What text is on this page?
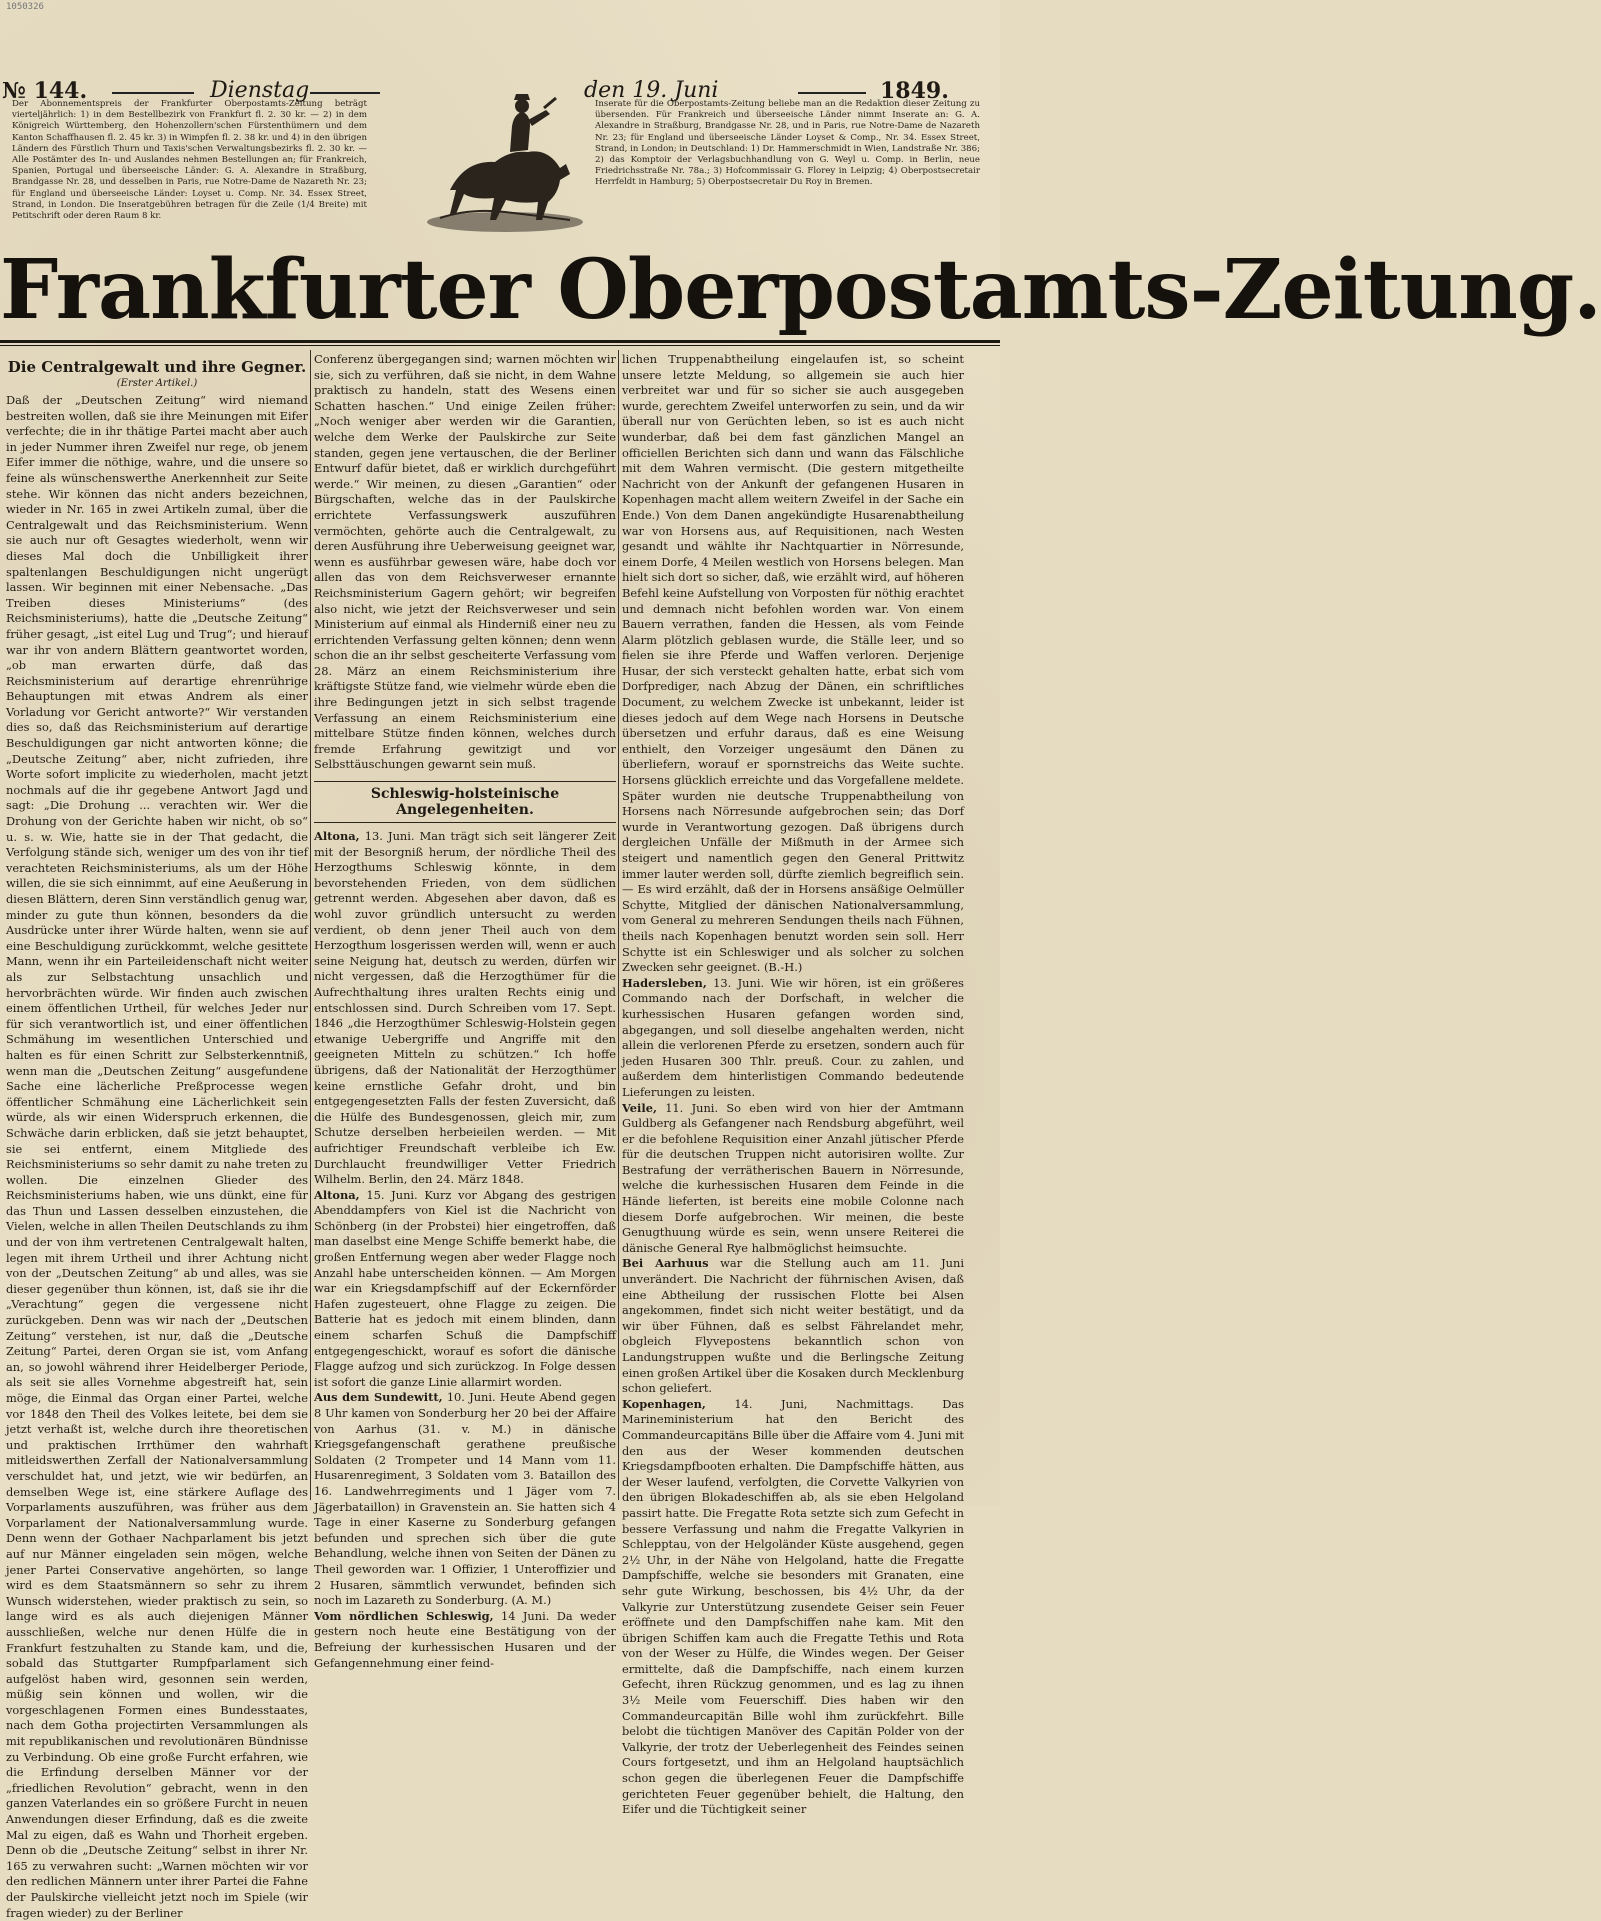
1050326
№ 144.	Dienstag	den 19. Juni	1849.
Der Abonnementspreis der Frankfurter Oberpostamts-Zeitung beträgt vierteljährlich: 1) in dem Bestellbezirk von Frankfurt fl. 2. 30 kr. — 2) in dem Königreich Württemberg, den Hohenzollern'schen Fürstenthümern und dem Kanton Schaffhausen fl. 2. 45 kr. 3) in Wimpfen fl. 2. 38 kr. und 4) in den übrigen Ländern des Fürstlich Thurn und Taxis'schen Verwaltungsbezirks fl. 2. 30 kr. — Alle Postämter des In- und Auslandes nehmen Bestellungen an; für Frankreich, Spanien, Portugal und überseeische Länder: G. A. Alexandre in Straßburg, Brandgasse Nr. 28, und desselben in Paris, rue Notre-Dame de Nazareth Nr. 23; für England und überseeische Länder: Loyset u. Comp. Nr. 34. Essex Street, Strand, in London. Die Inseratgebühren betragen für die Zeile (1/4 Breite) mit Petitschrift oder deren Raum 8 kr.
Inserate für die Oberpostamts-Zeitung beliebe man an die Redaktion dieser Zeitung zu übersenden. Für Frankreich und überseeische Länder nimmt Inserate an: G. A. Alexandre in Straßburg, Brandgasse Nr. 28, und in Paris, rue Notre-Dame de Nazareth Nr. 23; für England und überseeische Länder Loyset & Comp., Nr. 34. Essex Street, Strand, in London; in Deutschland: 1) Dr. Hammerschmidt in Wien, Landstraße Nr. 386; 2) das Komptoir der Verlagsbuchhandlung von G. Weyl u. Comp. in Berlin, neue Friedrichsstraße Nr. 78a.; 3) Hofcommissair G. Florey in Leipzig; 4) Oberpostsecretair Herrfeldt in Hamburg; 5) Oberpostsecretair Du Roy in Bremen.
Frankfurter Oberpostamts-Zeitung.
Die Centralgewalt und ihre Gegner.
(Erster Artikel.)

Daß der „Deutschen Zeitung“ wird niemand bestreiten wollen, daß sie ihre Meinungen mit Eifer verfechte; die in ihr thätige Partei macht aber auch in jeder Nummer ihren Zweifel nur rege, ob jenem Eifer immer die nöthige, wahre, und die unsere so feine als wünschenswerthe Anerkennheit zur Seite stehe. Wir können das nicht anders bezeichnen, wieder in Nr. 165 in zwei Artikeln zumal, über die Centralgewalt und das Reichsministerium. Wenn sie auch nur oft Gesagtes wiederholt, wenn wir dieses Mal doch die Unbilligkeit ihrer spaltenlangen Beschuldigungen nicht ungerügt lassen. Wir beginnen mit einer Nebensache. „Das Treiben dieses Ministeriums“ (des Reichsministeriums), hatte die „Deutsche Zeitung“ früher gesagt, „ist eitel Lug und Trug“; und hierauf war ihr von andern Blättern geantwortet worden, „ob man erwarten dürfe, daß das Reichsministerium auf derartige ehrenrührige Behauptungen mit etwas Andrem als einer Vorladung vor Gericht antworte?“ Wir verstanden dies so, daß das Reichsministerium auf derartige Beschuldigungen gar nicht antworten könne; die „Deutsche Zeitung“ aber, nicht zufrieden, ihre Worte sofort implicite zu wiederholen, macht jetzt nochmals auf die ihr gegebene Antwort Jagd und sagt: „Die Drohung ... verachten wir. Wer die Drohung von der Gerichte haben wir nicht, ob so“ u. s. w. Wie, hatte sie in der That gedacht, die Verfolgung stände sich, weniger um des von ihr tief verachteten Reichsministeriums, als um der Höhe willen, die sie sich einnimmt, auf eine Aeußerung in diesen Blättern, deren Sinn verständlich genug war, minder zu gute thun können, besonders da die Ausdrücke unter ihrer Würde halten, wenn sie auf eine Beschuldigung zurückkommt, welche gesittete Mann, wenn ihr ein Parteileidenschaft nicht weiter als zur Selbstachtung unsachlich und hervorbrächten würde. Wir finden auch zwischen einem öffentlichen Urtheil, für welches Jeder nur für sich verantwortlich ist, und einer öffentlichen Schmähung im wesentlichen Unterschied und halten es für einen Schritt zur Selbsterkenntniß, wenn man die „Deutschen Zeitung“ ausgefundene Sache eine lächerliche Preßprocesse wegen öffentlicher Schmähung eine Lächerlichkeit sein würde, als wir einen Widerspruch erkennen, die Schwäche darin erblicken, daß sie jetzt behauptet, sie sei entfernt, einem Mitgliede des Reichsministeriums so sehr damit zu nahe treten zu wollen. Die einzelnen Glieder des Reichsministeriums haben, wie uns dünkt, eine für das Thun und Lassen desselben einzustehen, die Vielen, welche in allen Theilen Deutschlands zu ihm und der von ihm vertretenen Centralgewalt halten, legen mit ihrem Urtheil und ihrer Achtung nicht von der „Deutschen Zeitung“ ab und alles, was sie dieser gegenüber thun können, ist, daß sie ihr die „Verachtung“ gegen die vergessene nicht zurückgeben. Denn was wir nach der „Deutschen Zeitung“ verstehen, ist nur, daß die „Deutsche Zeitung“ Partei, deren Organ sie ist, vom Anfang an, so jowohl während ihrer Heidelberger Periode, als seit sie alles Vornehme abgestreift hat, sein möge, die Einmal das Organ einer Partei, welche vor 1848 den Theil des Volkes leitete, bei dem sie jetzt verhaßt ist, welche durch ihre theoretischen und praktischen Irrthümer den wahrhaft mitleidswerthen Zerfall der Nationalversammlung verschuldet hat, und jetzt, wie wir bedürfen, an demselben Wege ist, eine stärkere Auflage des Vorparlaments auszuführen, was früher aus dem Vorparlament der Nationalversammlung wurde. Denn wenn der Gothaer Nachparlament bis jetzt auf nur Männer eingeladen sein mögen, welche jener Partei Conservative angehörten, so lange wird es dem Staatsmännern so sehr zu ihrem Wunsch widerstehen, wieder praktisch zu sein, so lange wird es als auch diejenigen Männer ausschließen, welche nur denen Hülfe die in Frankfurt festzuhalten zu Stande kam, und die, sobald das Stuttgarter Rumpfparlament sich aufgelöst haben wird, gesonnen sein werden, müßig sein können und wollen, wir die vorgeschlagenen Formen eines Bundesstaates, nach dem Gotha projectirten Versammlungen als mit republikanischen und revolutionären Bündnisse zu Verbindung. Ob eine große Furcht erfahren, wie die Erfindung derselben Männer vor der „friedlichen Revolution“ gebracht, wenn in den ganzen Vaterlandes ein so größere Furcht in neuen Anwendungen dieser Erfindung, daß es die zweite Mal zu eigen, daß es Wahn und Thorheit ergeben. Denn ob die „Deutsche Zeitung“ selbst in ihrer Nr. 165 zu verwahren sucht: „Warnen möchten wir vor den redlichen Männern unter ihrer Partei die Fahne der Paulskirche vielleicht jetzt noch im Spiele (wir fragen wieder) zu der Berliner

Conferenz übergegangen sind; warnen möchten wir sie, sich zu verführen, daß sie nicht, in dem Wahne praktisch zu handeln, statt des Wesens einen Schatten haschen.“ Und einige Zeilen früher: „Noch weniger aber werden wir die Garantien, welche dem Werke der Paulskirche zur Seite standen, gegen jene vertauschen, die der Berliner Entwurf dafür bietet, daß er wirklich durchgeführt werde.“ Wir meinen, zu diesen „Garantien“ oder Bürgschaften, welche das in der Paulskirche errichtete Verfassungswerk auszuführen vermöchten, gehörte auch die Centralgewalt, zu deren Ausführung ihre Ueberweisung geeignet war, wenn es ausführbar gewesen wäre, habe doch vor allen das von dem Reichsverweser ernannte Reichsministerium Gagern gehört; wir begreifen also nicht, wie jetzt der Reichsverweser und sein Ministerium auf einmal als Hinderniß einer neu zu errichtenden Verfassung gelten können; denn wenn schon die an ihr selbst gescheiterte Verfassung vom 28. März an einem Reichsministerium ihre kräftigste Stütze fand, wie vielmehr würde eben die ihre Bedingungen jetzt in sich selbst tragende Verfassung an einem Reichsministerium eine mittelbare Stütze finden können, welches durch fremde Erfahrung gewitzigt und vor Selbsttäuschungen gewarnt sein muß.

Schleswig-holsteinische Angelegenheiten.

Altona, 13. Juni. Man trägt sich seit längerer Zeit mit der Besorgniß herum, der nördliche Theil des Herzogthums Schleswig könnte, in dem bevorstehenden Frieden, von dem südlichen getrennt werden. Abgesehen aber davon, daß es wohl zuvor gründlich untersucht zu werden verdient, ob denn jener Theil auch von dem Herzogthum losgerissen werden will, wenn er auch seine Neigung hat, deutsch zu werden, dürfen wir nicht vergessen, daß die Herzogthümer für die Aufrechthaltung ihres uralten Rechts einig und entschlossen sind. Durch Schreiben vom 17. Sept. 1846 „die Herzogthümer Schleswig-Holstein gegen etwanige Uebergriffe und Angriffe mit den geeigneten Mitteln zu schützen.“ Ich hoffe übrigens, daß der Nationalität der Herzogthümer keine ernstliche Gefahr droht, und bin entgegengesetzten Falls der festen Zuversicht, daß die Hülfe des Bundesgenossen, gleich mir, zum Schutze derselben herbeieilen werden. — Mit aufrichtiger Freundschaft verbleibe ich Ew. Durchlaucht freundwilliger Vetter Friedrich Wilhelm. Berlin, den 24. März 1848.

Altona, 15. Juni. Kurz vor Abgang des gestrigen Abenddampfers von Kiel ist die Nachricht von Schönberg (in der Probstei) hier eingetroffen, daß man daselbst eine Menge Schiffe bemerkt habe, die großen Entfernung wegen aber weder Flagge noch Anzahl habe unterscheiden können. — Am Morgen war ein Kriegsdampfschiff auf der Eckernförder Hafen zugesteuert, ohne Flagge zu zeigen. Die Batterie hat es jedoch mit einem blinden, dann einem scharfen Schuß die Dampfschiff entgegengeschickt, worauf es sofort die dänische Flagge aufzog und sich zurückzog. In Folge dessen ist sofort die ganze Linie allarmirt worden.

Aus dem Sundewitt, 10. Juni. Heute Abend gegen 8 Uhr kamen von Sonderburg her 20 bei der Affaire von Aarhus (31. v. M.) in dänische Kriegsgefangenschaft gerathene preußische Soldaten (2 Trompeter und 14 Mann vom 11. Husarenregiment, 3 Soldaten vom 3. Bataillon des 16. Landwehrregiments und 1 Jäger vom 7. Jägerbataillon) in Gravenstein an. Sie hatten sich 4 Tage in einer Kaserne zu Sonderburg gefangen befunden und sprechen sich über die gute Behandlung, welche ihnen von Seiten der Dänen zu Theil geworden war. 1 Offizier, 1 Unteroffizier und 2 Husaren, sämmtlich verwundet, befinden sich noch im Lazareth zu Sonderburg. (A. M.)

Vom nördlichen Schleswig, 14 Juni. Da weder gestern noch heute eine Bestätigung von der Befreiung der kurhessischen Husaren und der Gefangennehmung einer feind-

lichen Truppenabtheilung eingelaufen ist, so scheint unsere letzte Meldung, so allgemein sie auch hier verbreitet war und für so sicher sie auch ausgegeben wurde, gerechtem Zweifel unterworfen zu sein, und da wir überall nur von Gerüchten leben, so ist es auch nicht wunderbar, daß bei dem fast gänzlichen Mangel an officiellen Berichten sich dann und wann das Fälschliche mit dem Wahren vermischt. (Die gestern mitgetheilte Nachricht von der Ankunft der gefangenen Husaren in Kopenhagen macht allem weitern Zweifel in der Sache ein Ende.) Von dem Danen angekündigte Husarenabtheilung war von Horsens aus, auf Requisitionen, nach Westen gesandt und wählte ihr Nachtquartier in Nörresunde, einem Dorfe, 4 Meilen westlich von Horsens belegen. Man hielt sich dort so sicher, daß, wie erzählt wird, auf höheren Befehl keine Aufstellung von Vorposten für nöthig erachtet und demnach nicht befohlen worden war. Von einem Bauern verrathen, fanden die Hessen, als vom Feinde Alarm plötzlich geblasen wurde, die Ställe leer, und so fielen sie ihre Pferde und Waffen verloren. Derjenige Husar, der sich versteckt gehalten hatte, erbat sich vom Dorfprediger, nach Abzug der Dänen, ein schriftliches Document, zu welchem Zwecke ist unbekannt, leider ist dieses jedoch auf dem Wege nach Horsens in Deutsche übersetzen und erfuhr daraus, daß es eine Weisung enthielt, den Vorzeiger ungesäumt den Dänen zu überliefern, worauf er spornstreichs das Weite suchte. Horsens glücklich erreichte und das Vorgefallene meldete. Später wurden nie deutsche Truppenabtheilung von Horsens nach Nörresunde aufgebrochen sein; das Dorf wurde in Verantwortung gezogen. Daß übrigens durch dergleichen Unfälle der Mißmuth in der Armee sich steigert und namentlich gegen den General Prittwitz immer lauter werden soll, dürfte ziemlich begreiflich sein. — Es wird erzählt, daß der in Horsens ansäßige Oelmüller Schytte, Mitglied der dänischen Nationalversammlung, vom General zu mehreren Sendungen theils nach Fühnen, theils nach Kopenhagen benutzt worden sein soll. Herr Schytte ist ein Schleswiger und als solcher zu solchen Zwecken sehr geeignet. (B.-H.)

Hadersleben, 13. Juni. Wie wir hören, ist ein größeres Commando nach der Dorfschaft, in welcher die kurhessischen Husaren gefangen worden sind, abgegangen, und soll dieselbe angehalten werden, nicht allein die verlorenen Pferde zu ersetzen, sondern auch für jeden Husaren 300 Thlr. preuß. Cour. zu zahlen, und außerdem dem hinterlistigen Commando bedeutende Lieferungen zu leisten.

Veile, 11. Juni. So eben wird von hier der Amtmann Guldberg als Gefangener nach Rendsburg abgeführt, weil er die befohlene Requisition einer Anzahl jütischer Pferde für die deutschen Truppen nicht autorisiren wollte. Zur Bestrafung der verrätherischen Bauern in Nörresunde, welche die kurhessischen Husaren dem Feinde in die Hände lieferten, ist bereits eine mobile Colonne nach diesem Dorfe aufgebrochen. Wir meinen, die beste Genugthuung würde es sein, wenn unsere Reiterei die dänische General Rye halbmöglichst heimsuchte.

Bei Aarhuus war die Stellung auch am 11. Juni unverändert. Die Nachricht der führnischen Avisen, daß eine Abtheilung der russischen Flotte bei Alsen angekommen, findet sich nicht weiter bestätigt, und da wir über Fühnen, daß es selbst Fährelandet mehr, obgleich Flyvepostens bekanntlich schon von Landungstruppen wußte und die Berlingsche Zeitung einen großen Artikel über die Kosaken durch Mecklenburg schon geliefert.

Kopenhagen,	14. Juni, Nachmittags.	Das Marineministerium hat den Bericht des Commandeurcapitäns Bille über die Affaire vom 4. Juni mit den aus der Weser kommenden deutschen Kriegsdampfbooten erhalten. Die Dampfschiffe hätten, aus der Weser laufend, verfolgten, die Corvette Valkyrien von den übrigen Blokadeschiffen ab, als sie eben Helgoland passirt hatte. Die Fregatte Rota setzte sich zum Gefecht in bessere Verfassung und nahm die Fregatte Valkyrien in Schlepptau, von der Helgoländer Küste ausgehend, gegen 2½ Uhr, in der Nähe von Helgoland, hatte die Fregatte Dampfschiffe, welche sie besonders mit Granaten, eine sehr gute Wirkung, beschossen, bis 4½ Uhr, da der Valkyrie zur Unterstützung zusendete Geiser sein Feuer eröffnete und den Dampfschiffen nahe kam. Mit den übrigen Schiffen kam auch die Fregatte Tethis und Rota von der Weser zu Hülfe, die Windes wegen. Der Geiser ermittelte, daß die Dampfschiffe, nach einem kurzen Gefecht, ihren Rückzug genommen, und es lag zu ihnen 3½ Meile vom Feuerschiff. Dies haben wir den Commandeurcapitän Bille wohl ihm zurückfehrt. Bille belobt die tüchtigen Manöver des Capitän Polder von der Valkyrie, der trotz der Ueberlegenheit des Feindes seinen Cours fortgesetzt, und ihm an Helgoland hauptsächlich schon gegen die überlegenen Feuer die Dampfschiffe gerichteten Feuer gegenüber behielt, die Haltung, den Eifer und die Tüchtigkeit seiner
